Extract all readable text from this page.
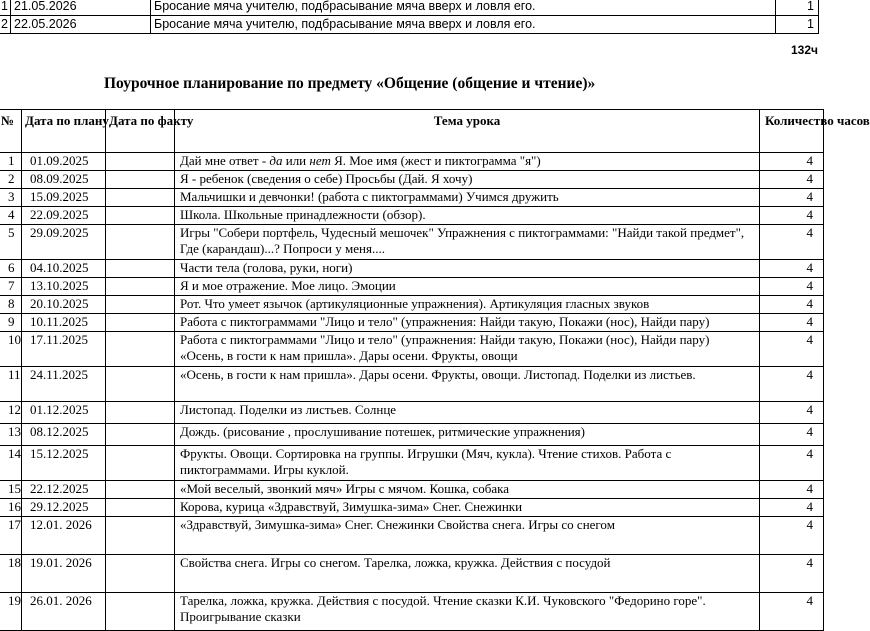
1	21.05.2026	Бросание мяча учителю, подбрасывание мяча вверх и ловля его.	1
2	22.05.2026	Бросание мяча учителю, подбрасывание мяча вверх и ловля его.	1
132ч
Поурочное планирование по предмету «Общение (общение и чтение)»
№	Дата по плану	Дата по факту	Тема урока	Количество часов
1	01.09.2025		Дай мне ответ - да или нет Я. Мое имя (жест и пиктограмма "я")	4
2	08.09.2025		Я - ребенок (сведения о себе) Просьбы (Дай. Я хочу)	4
3	15.09.2025		Мальчишки и девчонки! (работа с пиктограммами) Учимся дружить	4
4	22.09.2025		Школа. Школьные принадлежности (обзор).	4
5	29.09.2025		Игры "Собери портфель, Чудесный мешочек" Упражнения с пиктограммами: "Найди такой предмет", Где (карандаш)...? Попроси у меня....	4
6	04.10.2025		Части тела (голова, руки, ноги)	4
7	13.10.2025		Я и мое отражение. Мое лицо. Эмоции	4
8	20.10.2025		Рот. Что умеет язычок (артикуляционные упражнения). Артикуляция гласных звуков	4
9	10.11.2025		Работа с пиктограммами "Лицо и тело" (упражнения: Найди такую, Покажи (нос), Найди пару)	4
10	17.11.2025		Работа с пиктограммами "Лицо и тело" (упражнения: Найди такую, Покажи (нос), Найди пару) «Осень, в гости к нам пришла». Дары осени. Фрукты, овощи	4
11	24.11.2025		«Осень, в гости к нам пришла». Дары осени. Фрукты, овощи. Листопад. Поделки из листьев.	4
12	01.12.2025		Листопад. Поделки из листьев. Солнце	4
13	08.12.2025		Дождь. (рисование , прослушивание потешек, ритмические упражнения)	4
14	15.12.2025		Фрукты. Овощи. Сортировка на группы. Игрушки (Мяч, кукла). Чтение стихов. Работа с пиктограммами. Игры куклой.	4
15	22.12.2025		«Мой веселый, звонкий мяч» Игры с мячом. Кошка, собака	4
16	29.12.2025		Корова, курица «Здравствуй, Зимушка-зима» Снег. Снежинки	4
17	12.01. 2026		«Здравствуй, Зимушка-зима» Снег. Снежинки Свойства снега. Игры со снегом	4
18	19.01. 2026		Свойства снега. Игры со снегом. Тарелка, ложка, кружка. Действия с посудой	4
19	26.01. 2026		Тарелка, ложка, кружка. Действия с посудой. Чтение сказки К.И. Чуковского "Федорино горе". Проигрывание сказки	4
